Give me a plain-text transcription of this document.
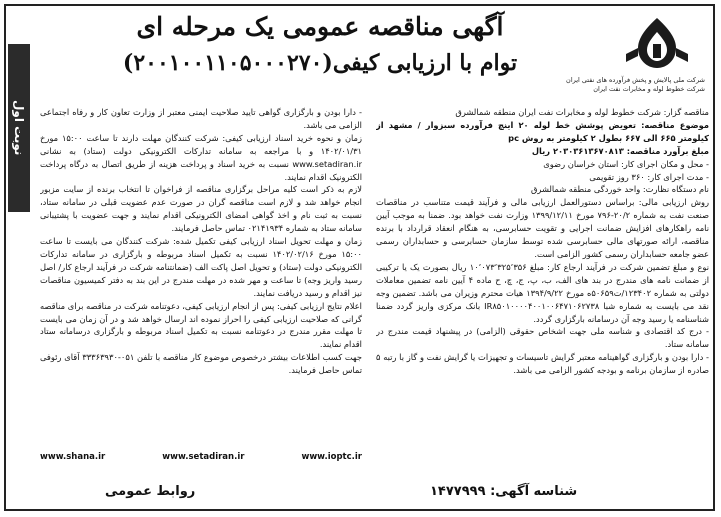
نوبت اول
آگهی مناقصه عمومی یک مرحله ای
توام با ارزیابی کیفی(۲۰۰۱۰۰۱۱۰۵۰۰۰۲۷۰)
شرکت ملی پالایش و پخش فرآورده های نفتی ایران
شرکت خطوط لوله و مخابرات نفت ایران

مناقصه گزار: شرکت خطوط لوله و مخابرات نفت ایران منطقه شمالشرق

موضوع مناقصه: تعویض پوشش خط لوله ۲۰ اینچ فرآورده سبزوار / مشهد از کیلومتر ۶۶۵ الی ۶۶۷ بطول ۲ کیلومتر به روش pc

مبلغ برآورد مناقصه: ۲۰۳۰۳۶۱۳۶۷۰۸۱۳ ریال

- محل و مکان اجرای کار: استان خراسان رضوی

- مدت اجرای کار: ۳۶۰ روز تقویمی

نام دستگاه نظارت: واحد خوردگی منطقه شمالشرق

روش ارزیابی مالی: براساس دستورالعمل ارزیابی مالی و فرآیند قیمت متناسب در مناقصات صنعت نفت به شماره ۲۰/۲-۷۹۶ مورخ ۱۳۹۹/۱۲/۱۱ وزارت نفت خواهد بود. ضمنا به موجب آیین نامه راهکارهای افزایش ضمانت اجرایی و تقویت حسابرسی، به هنگام انعقاد قرارداد با برنده مناقصه، ارائه صورتهای مالی حسابرسی شده توسط سازمان حسابرسی و حسابداران رسمی عضو جامعه حسابداران رسمی کشور الزامی است.

نوع و مبلغ تضمین شرکت در فرآیند ارجاع کار: مبلغ ۱۰٬۰۷۳٬۳۲۵٬۳۵۶ ریال بصورت یک یا ترکیبی از ضمانت نامه های مندرج در بند های الف، ب، پ، ج، چ، ح ماده ۴ آیین نامه تضمین معاملات دولتی به شماره ۱۲۳۴۰۲/ت۵۰۶۵۹ه مورخ ۱۳۹۴/۹/۲۲ هیات محترم وزیران می باشد. تضمین وجه نقد می بایست به شماره شبا IR۸۵۰۱۰۰۰۰۴۰۰۱۰۰۶۴۷۱۰۶۲۷۳۸ بانک مرکزی واریز گردد ضمنا شناسنامه یا رسید وجه آن درسامانه بارگزاری گردد.

- درج کد اقتصادی و شناسه ملی جهت اشخاص حقوقی (الزامی) در پیشنهاد قیمت مندرج در سامانه ستاد.

- دارا بودن و بارگزاری گواهینامه معتبر گرایش تاسیسات و تجهیزات یا گرایش نفت و گاز با رتبه ۵ صادره از سازمان برنامه و بودجه کشور الزامی می باشد.

- دارا بودن و بارگزاری گواهی تایید صلاحیت ایمنی معتبر از وزارت تعاون کار و رفاه اجتماعی الزامی می باشد.

زمان و نحوه خرید اسناد ارزیابی کیفی: شرکت کنندگان مهلت دارند تا ساعت ۱۵:۰۰ مورخ ۱۴۰۲/۰۱/۳۱ و با مراجعه به سامانه تدارکات الکترونیکی دولت (ستاد) به نشانی www.setadiran.ir نسبت به خرید اسناد و پرداخت هزینه از طریق اتصال به درگاه پرداخت الکترونیک اقدام نمایند.

لازم به ذکر است کلیه مراحل برگزاری مناقصه از فراخوان تا انتخاب برنده از سایت مزبور انجام خواهد شد و لازم است مناقصه گران در صورت عدم عضویت قبلی در سامانه ستاد، نسبت به ثبت نام و اخذ گواهی امضای الکترونیکی اقدام نمایند و جهت عضویت با پشتیبانی سامانه ستاد به شماره ۰۲۱۴۱۹۳۴ تماس حاصل فرمایند.

زمان و مهلت تحویل اسناد ارزیابی کیفی تکمیل شده: شرکت کنندگان می بایست تا ساعت ۱۵:۰۰ مورخ ۱۴۰۲/۰۲/۱۶ نسبت به تکمیل اسناد مربوطه و بارگزاری در سامانه تدارکات الکترونیکی دولت (ستاد) و تحویل اصل پاکت الف (ضمانتنامه شرکت در فرآیند ارجاع کار/ اصل رسید واریز وجه) تا ساعت و مهر شده در مهلت مندرج در این بند به دفتر کمیسیون مناقصات نیز اقدام و رسید دریافت نمایند.

اعلام نتایج ارزیابی کیفی: پس از انجام ارزیابی کیفی، دعوتنامه شرکت در مناقصه برای مناقصه گرانی که صلاحیت ارزیابی کیفی را احراز نموده اند ارسال خواهد شد و در آن زمان می بایست تا مهلت مقرر مندرج در دعوتنامه نسبت به تکمیل اسناد مربوطه و بارگزاری درسامانه ستاد اقدام نمایند.

جهت کسب اطلاعات بیشتر درخصوص موضوع کار مناقصه با تلفن ۰۵۱-۳۳۳۶۳۹۳۰ آقای رئوفی تماس حاصل فرمایند.

www.shana.ir	www.setadiran.ir	www.ioptc.ir
روابط عمومی	شناسه آگهی: ۱۴۷۷۹۹۹
